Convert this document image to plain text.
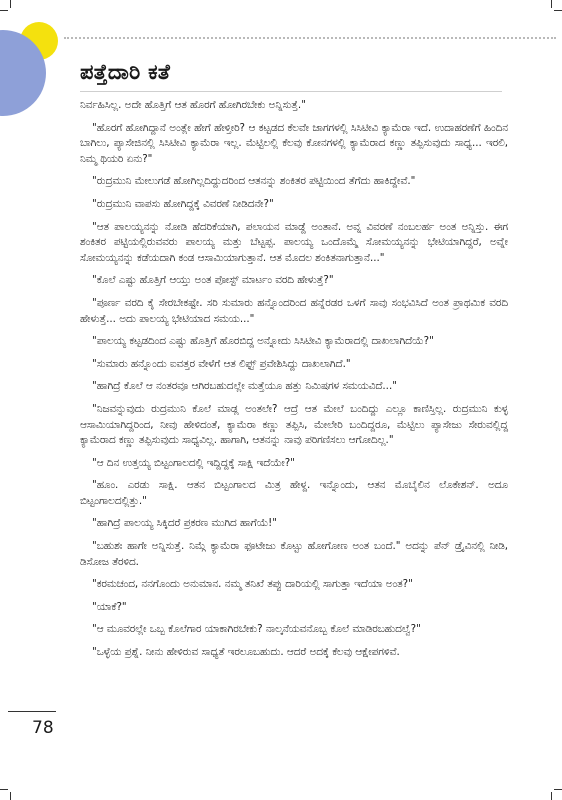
ಪತ್ತೆದಾರಿ ಕತೆ

ನಿರ್ವಹಿಸಿಲ್ಲ. ಅದೇ ಹೊತ್ತಿಗೆ ಆತ ಹೊರಗೆ ಹೋಗಿರಬೇಕು ಅನ್ನಿಸುತ್ತೆ."

"ಹೊರಗೆ ಹೋಗಿದ್ದಾನೆ ಅಂತ್ಲೇ ಹೇಗೆ ಹೇಳ್ತೀರಿ? ಆ ಕಟ್ಟಡದ ಕೆಲವೇ ಜಾಗಗಳಲ್ಲಿ ಸಿಸಿಟೀವಿ ಕ್ಯಾಮೆರಾ ಇದೆ. ಉದಾಹರಣೆಗೆ ಹಿಂದಿನ ಬಾಗಿಲು, ಪ್ಯಾಸೇಜಿನಲ್ಲಿ ಸಿಸಿಟೀವಿ ಕ್ಯಾಮೆರಾ ಇಲ್ಲ. ಮೆಟ್ಟಿಲಲ್ಲಿ ಕೆಲವು ಕೋನಗಳಲ್ಲಿ ಕ್ಯಾಮೆರಾದ ಕಣ್ಣು ತಪ್ಪಿಸುವುದು ಸಾಧ್ಯ... ಇರಲಿ, ನಿಮ್ಮ ಥಿಯರಿ ಏನು?"

"ರುದ್ರಮುನಿ ಮೇಲುಗಡೆ ಹೋಗಿಲ್ಲದಿದ್ದುದರಿಂದ ಆತನನ್ನು ಶಂಕಿತರ ಪಟ್ಟಿಯಿಂದ ತೆಗೆದು ಹಾಕಿದ್ದೇವೆ."

"ರುದ್ರಮುನಿ ವಾಪಸು ಹೋಗಿದ್ದಕ್ಕೆ ವಿವರಣೆ ನೀಡಿದನೇ?"

"ಆತ ಪಾಲಯ್ಯನನ್ನು ನೋಡಿ ಹೆದರಿಕೆಯಾಗಿ, ಪಲಾಯನ ಮಾಡ್ದೆ ಅಂತಾನೆ. ಅವ್ನ ವಿವರಣೆ ನಂಬಲರ್ಹ ಅಂತ ಅನ್ನಿಸ್ತು. ಈಗ ಶಂಕಿತರ ಪಟ್ಟಿಯಲ್ಲಿರುವವರು ಪಾಲಯ್ಯ ಮತ್ತು ಬೆಟ್ಟಪ್ಪ. ಪಾಲಯ್ಯ ಒಂದೊಮ್ಮೆ ಸೋಮಯ್ಯನನ್ನು ಭೇಟಿಯಾಗಿದ್ದರೆ, ಅವ್ನೇ ಸೋಮಯ್ಯನನ್ನು ಕಡೆಯದಾಗಿ ಕಂಡ ಆಸಾಮಿಯಾಗುತ್ತಾನೆ. ಆತ ಮೊದಲ ಶಂಕಿತನಾಗುತ್ತಾನೆ..."

"ಕೊಲೆ ಎಷ್ಟು ಹೊತ್ತಿಗೆ ಆಯ್ತು ಅಂತ ಪೋಸ್ಟ್ ಮಾರ್ಟಂ ವರದಿ ಹೇಳುತ್ತೆ?"

"ಪೂರ್ಣ ವರದಿ ಕೈ ಸೇರಬೇಕಷ್ಟೇ. ಸರಿ ಸುಮಾರು ಹನ್ನೊಂದರಿಂದ ಹನ್ನೆರಡರ ಒಳಗೆ ಸಾವು ಸಂಭವಿಸಿದೆ ಅಂತ ಪ್ರಾಥಮಿಕ ವರದಿ ಹೇಳುತ್ತೆ... ಅದು ಪಾಲಯ್ಯ ಭೇಟಿಯಾದ ಸಮಯ..."

"ಪಾಲಯ್ಯ ಕಟ್ಟಡದಿಂದ ಎಷ್ಟು ಹೊತ್ತಿಗೆ ಹೊರಬಿದ್ದ ಅನ್ನೋದು ಸಿಸಿಟೀವಿ ಕ್ಯಾಮೆರಾದಲ್ಲಿ ದಾಖಲಾಗಿದೆಯೆ?"

"ಸುಮಾರು ಹನ್ನೊಂದು ಐವತ್ತರ ವೇಳೆಗೆ ಆತ ಲಿಫ್ಟ್ ಪ್ರವೇಶಿಸಿದ್ದು ದಾಖಲಾಗಿದೆ."

"ಹಾಗಿದ್ರೆ ಕೊಲೆ ಆ ನಂತರವೂ ಆಗಿರಬಹುದಲ್ಲೇ ಮತ್ತೆಯೂ ಹತ್ತು ನಿಮಿಷಗಳ ಸಮಯವಿದೆ..."

"ನಿಜವನ್ನುವುದು ರುದ್ರಮುನಿ ಕೊಲೆ ಮಾಡ್ಲ ಅಂತಲೇ? ಆದ್ರೆ ಆತ ಮೇಲೆ ಬಂದಿದ್ದು ಎಲ್ಲೂ ಕಾಣಿಸ್ತಿಲ್ಲ. ರುದ್ರಮುನಿ ಕುಳ್ಳ ಆಸಾಮಿಯಾಗಿದ್ದರಿಂದ, ನೀವು ಹೇಳಿದಂತೆ, ಕ್ಯಾಮೆರಾ ಕಣ್ಣು ತಪ್ಪಿಸಿ, ಮೇಲೇರಿ ಬಂದಿದ್ದರೂ, ಮೆಟ್ಟಿಲು ಪ್ಯಾಸೇಜು ಸೇರುವಲ್ಲಿದ್ದ ಕ್ಯಾಮೆರಾದ ಕಣ್ಣು ತಪ್ಪಿಸುವುದು ಸಾಧ್ಯವಿಲ್ಲ. ಹಾಗಾಗಿ, ಆತನನ್ನು ನಾವು ಪರಿಗಣಿಸಲು ಆಗೋದಿಲ್ಲ."

"ಆ ದಿನ ಉತ್ತಯ್ಯ ಬಿಟ್ಟಂಗಾಲದಲ್ಲಿ ಇದ್ದಿದ್ದಕ್ಕೆ ಸಾಕ್ಷಿ ಇದೆಯೇ?"

"ಹೂಂ. ಎರಡು ಸಾಕ್ಷಿ. ಆತನ ಬಿಟ್ಟಂಗಾಲದ ಮಿತ್ರ ಹೇಳ್ದ. ಇನ್ನೊಂದು, ಆತನ ಮೊಬೈಲಿನ ಲೊಕೇಶನ್. ಅದೂ ಬಿಟ್ಟಂಗಾಲದಲ್ಲಿತ್ತು."

"ಹಾಗಿದ್ರೆ ಪಾಲಯ್ಯ ಸಿಕ್ಕಿದರೆ ಪ್ರಕರಣ ಮುಗಿದ ಹಾಗೆಯೆ!"

"ಬಹುಶಃ ಹಾಗೇ ಅನ್ನಿಸುತ್ತೆ. ನಿಮ್ಗೆ ಕ್ಯಾಮೆರಾ ಫೂಟೇಜು ಕೊಟ್ಟು ಹೋಗೋಣ ಅಂತ ಬಂದೆ." ಅದನ್ನು ಪೆನ್ ಡ್ರೈವಿನಲ್ಲಿ ನೀಡಿ, ಡಿಸೋಜ ತೆರಳಿದ.

"ಕರಮಚಂದ, ನನಗೊಂದು ಅನುಮಾನ. ನಮ್ಮ ತನಿಖೆ ತಪ್ಪು ದಾರಿಯಲ್ಲಿ ಸಾಗುತ್ತಾ ಇದೆಯಾ ಅಂತ?"

"ಯಾಕೆ?"

"ಆ ಮೂವರಲ್ಲೇ ಒಬ್ಬ ಕೊಲೆಗಾರ ಯಾಕಾಗಿರಬೇಕು? ನಾಲ್ಕನೆಯವನೊಬ್ಬ ಕೊಲೆ ಮಾಡಿರಬಹುದಲ್ವೆ?"

"ಒಳ್ಳೆಯ ಪ್ರಶ್ನೆ. ನೀನು ಹೇಳಿರುವ ಸಾಧ್ಯತೆ ಇರಲೂಬಹುದು. ಆದರೆ ಅದಕ್ಕೆ ಕೆಲವು ಆಕ್ಷೇಪಗಳಿವೆ.

78
